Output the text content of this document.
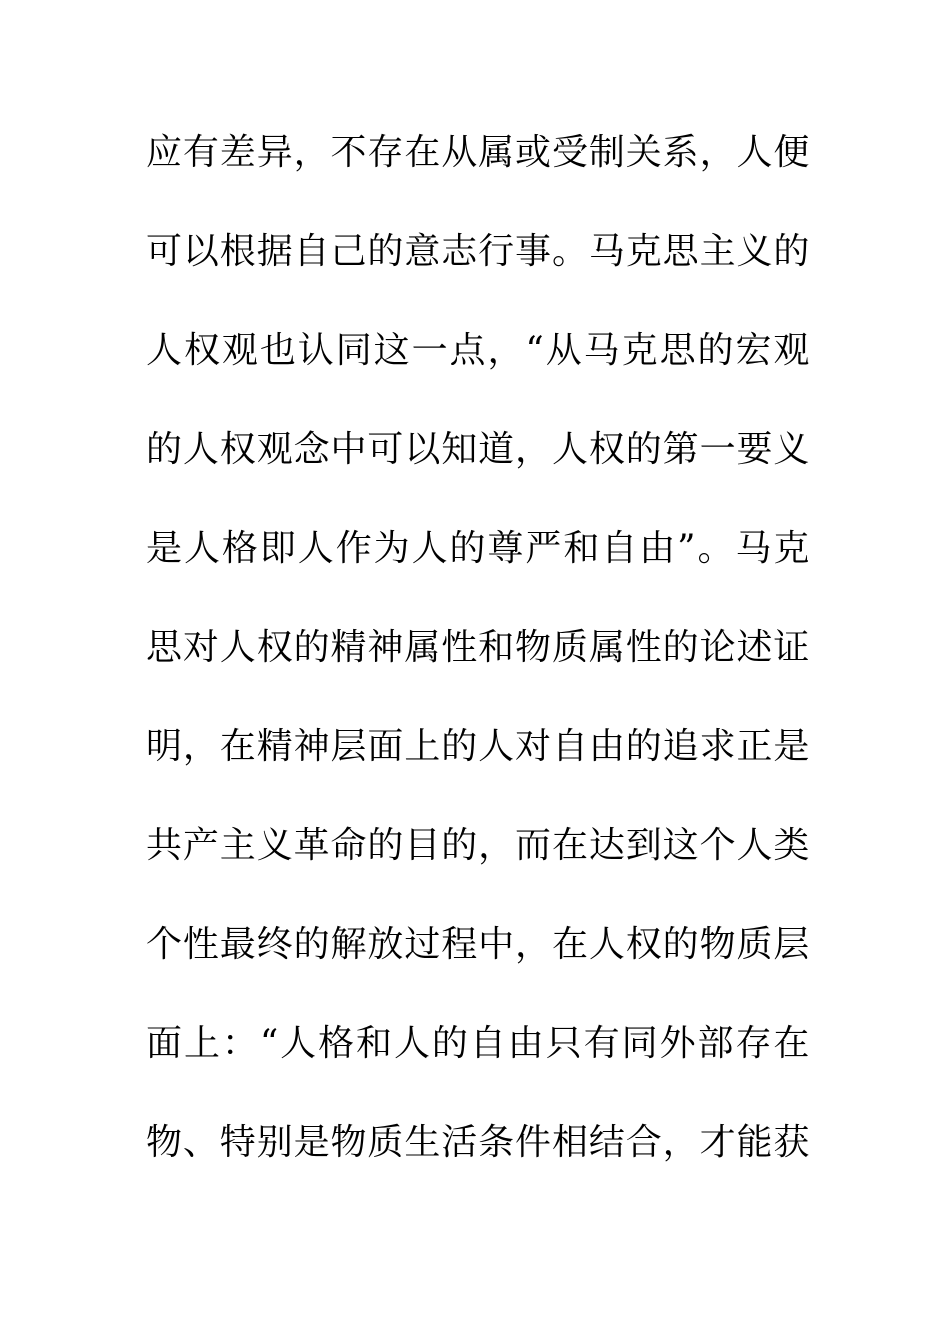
应有差异，不存在从属或受制关系，人便
可以根据自己的意志行事。马克思主义的
人权观也认同这一点，“从马克思的宏观
的人权观念中可以知道，人权的第一要义
是人格即人作为人的尊严和自由”。马克
思对人权的精神属性和物质属性的论述证
明，在精神层面上的人对自由的追求正是
共产主义革命的目的，而在达到这个人类
个性最终的解放过程中，在人权的物质层
面上：“人格和人的自由只有同外部存在
物、特别是物质生活条件相结合，才能获
